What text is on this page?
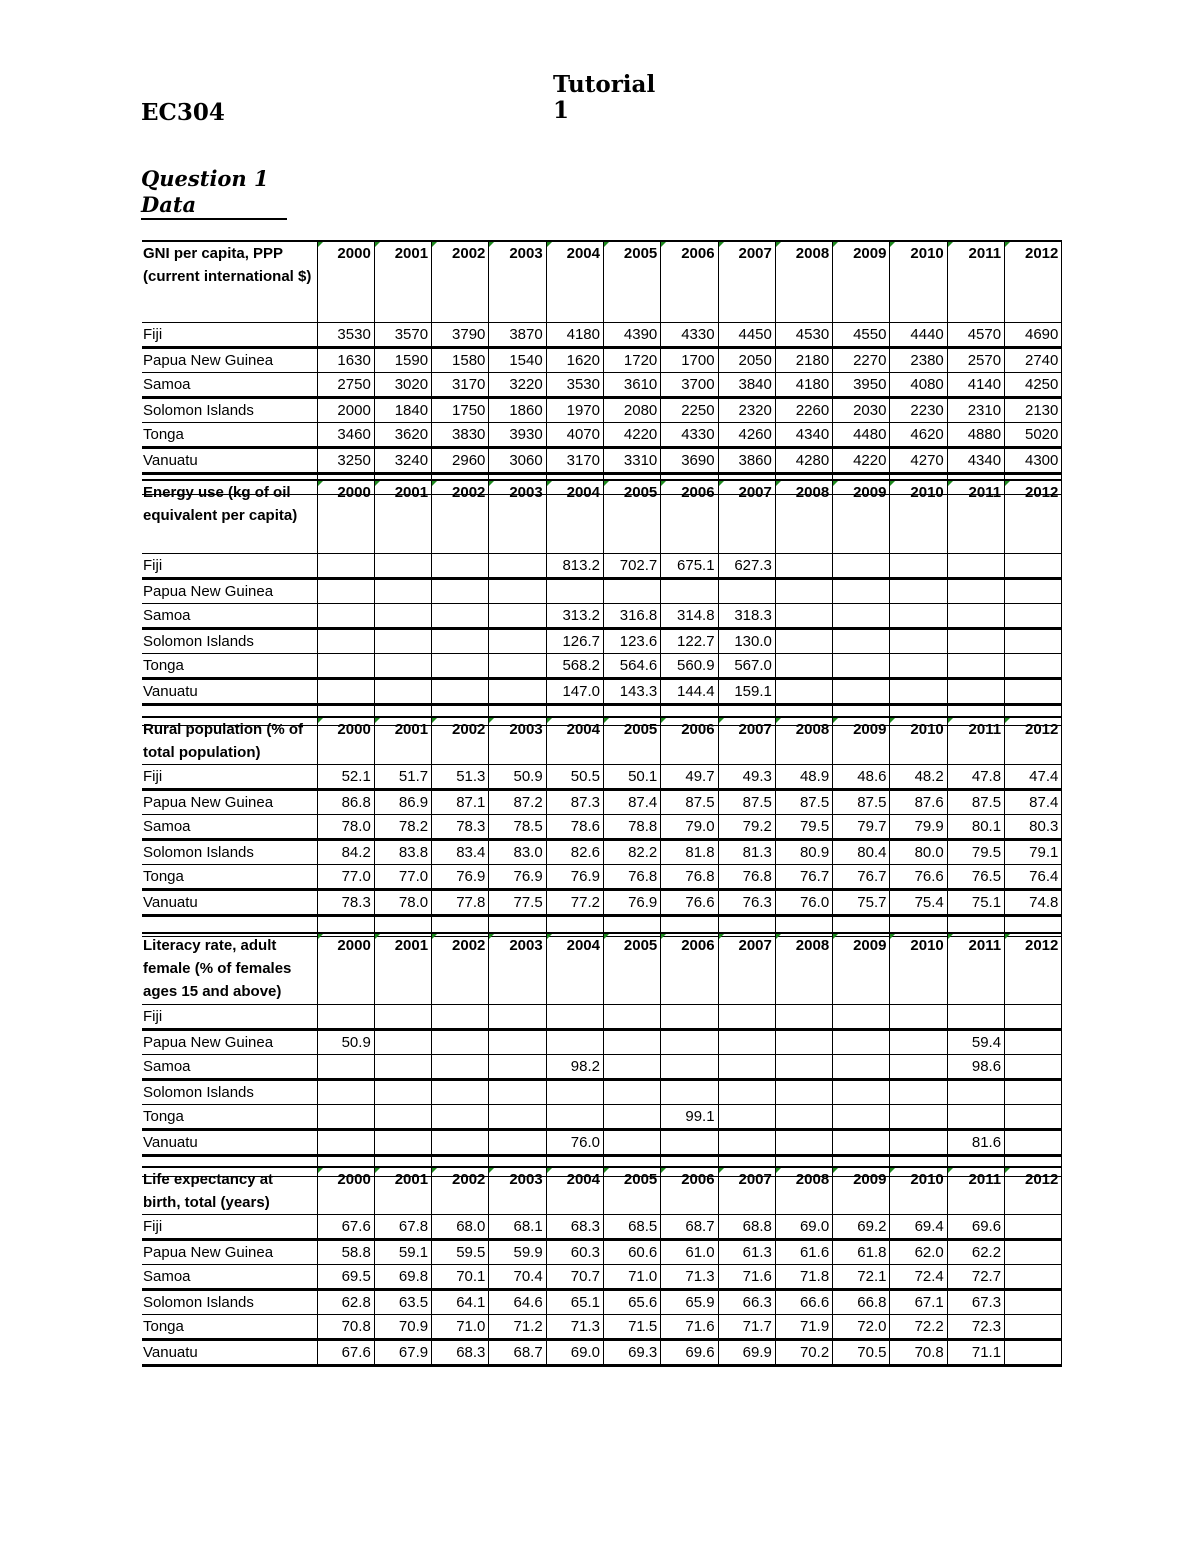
EC304
Tutorial
1
Question 1
Data
GNI per capita, PPP (current international $)	2000	2001	2002	2003	2004	2005	2006	2007	2008	2009	2010	2011	2012
Fiji	3530	3570	3790	3870	4180	4390	4330	4450	4530	4550	4440	4570	4690
Papua New Guinea	1630	1590	1580	1540	1620	1720	1700	2050	2180	2270	2380	2570	2740
Samoa	2750	3020	3170	3220	3530	3610	3700	3840	4180	3950	4080	4140	4250
Solomon Islands	2000	1840	1750	1860	1970	2080	2250	2320	2260	2030	2230	2310	2130
Tonga	3460	3620	3830	3930	4070	4220	4330	4260	4340	4480	4620	4880	5020
Vanuatu	3250	3240	2960	3060	3170	3310	3690	3860	4280	4220	4270	4340	4300

Energy use (kg of oil equivalent per capita)	2000	2001	2002	2003	2004	2005	2006	2007	2008	2009	2010	2011	2012
Fiji					813.2	702.7	675.1	627.3					
Papua New Guinea													
Samoa					313.2	316.8	314.8	318.3					
Solomon Islands					126.7	123.6	122.7	130.0					
Tonga					568.2	564.6	560.9	567.0					
Vanuatu					147.0	143.3	144.4	159.1					

Rural population (% of total population)	2000	2001	2002	2003	2004	2005	2006	2007	2008	2009	2010	2011	2012
Fiji	52.1	51.7	51.3	50.9	50.5	50.1	49.7	49.3	48.9	48.6	48.2	47.8	47.4
Papua New Guinea	86.8	86.9	87.1	87.2	87.3	87.4	87.5	87.5	87.5	87.5	87.6	87.5	87.4
Samoa	78.0	78.2	78.3	78.5	78.6	78.8	79.0	79.2	79.5	79.7	79.9	80.1	80.3
Solomon Islands	84.2	83.8	83.4	83.0	82.6	82.2	81.8	81.3	80.9	80.4	80.0	79.5	79.1
Tonga	77.0	77.0	76.9	76.9	76.9	76.8	76.8	76.8	76.7	76.7	76.6	76.5	76.4
Vanuatu	78.3	78.0	77.8	77.5	77.2	76.9	76.6	76.3	76.0	75.7	75.4	75.1	74.8

Literacy rate, adult female (% of females ages 15 and above)	2000	2001	2002	2003	2004	2005	2006	2007	2008	2009	2010	2011	2012
Fiji													
Papua New Guinea	50.9											59.4	
Samoa					98.2							98.6	
Solomon Islands													
Tonga							99.1						
Vanuatu					76.0							81.6	

Life expectancy at birth, total (years)	2000	2001	2002	2003	2004	2005	2006	2007	2008	2009	2010	2011	2012
Fiji	67.6	67.8	68.0	68.1	68.3	68.5	68.7	68.8	69.0	69.2	69.4	69.6	
Papua New Guinea	58.8	59.1	59.5	59.9	60.3	60.6	61.0	61.3	61.6	61.8	62.0	62.2	
Samoa	69.5	69.8	70.1	70.4	70.7	71.0	71.3	71.6	71.8	72.1	72.4	72.7	
Solomon Islands	62.8	63.5	64.1	64.6	65.1	65.6	65.9	66.3	66.6	66.8	67.1	67.3	
Tonga	70.8	70.9	71.0	71.2	71.3	71.5	71.6	71.7	71.9	72.0	72.2	72.3	
Vanuatu	67.6	67.9	68.3	68.7	69.0	69.3	69.6	69.9	70.2	70.5	70.8	71.1	
